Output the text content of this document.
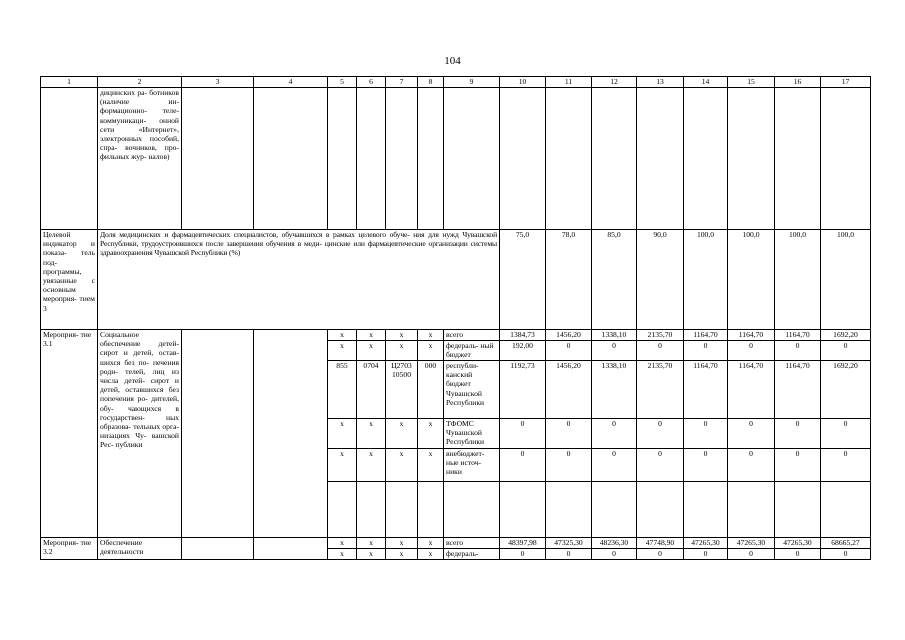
104
1	2	3	4	5	6	7	8	9	10	11	12	13	14	15	16	17
	дицинских ра- ботников (наличие ин- формационно- теле- коммуникаци- онной сети «Интернет», электронных пособий, спра- вочников, про- фильных жур- налов)															
Целевой индикатор и показа- тель под- программы, увязанные с основным мероприя- тием 3	Доля медицинских и фармацевтических специалистов, обучавшихся в рамках целевого обуче- ния для нужд Чувашской Республики, трудоустроившихся после завершения обучения в меди- цинские или фармацевтические организации системы здравоохранения Чувашской Республики (%)								75,0	78,0	85,0	90,0	100,0	100,0	100,0	100,0
Мероприя- тие 3.1	Социальное обеспечение детей-сирот и детей, остав- шихся без по- печения роди- телей, лиц из числа детей- сирот и детей, оставшихся без попечения ро- дителей, обу- чающихся в государствен- ных образова- тельных орга- низациях Чу- вашской Рес- публики			х	х	х	х	всего	1384,73	1456,20	1338,10	2135,70	1164,70	1164,70	1164,70	1692,20
				х	х	х	х	федераль- ный бюджет	192,00	0	0	0	0	0	0	0
				855	0704	Ц2703 10500	000	республи- канский бюджет Чувашской Республики	1192,73	1456,20	1338,10	2135,70	1164,70	1164,70	1164,70	1692,20
				х	х	х	х	ТФОМС Чувашской Республики	0	0	0	0	0	0	0	0
				х	х	х	х	внебюджет- ные источ- ники	0	0	0	0	0	0	0	0

Мероприя- тие 3.2	Обеспечение деятельности			х	х	х	х	всего	48397,98	47325,30	48236,30	47748,90	47265,30	47265,30	47265,30	68665,27
				х	х	х	х	федераль-	0	0	0	0	0	0	0	0
